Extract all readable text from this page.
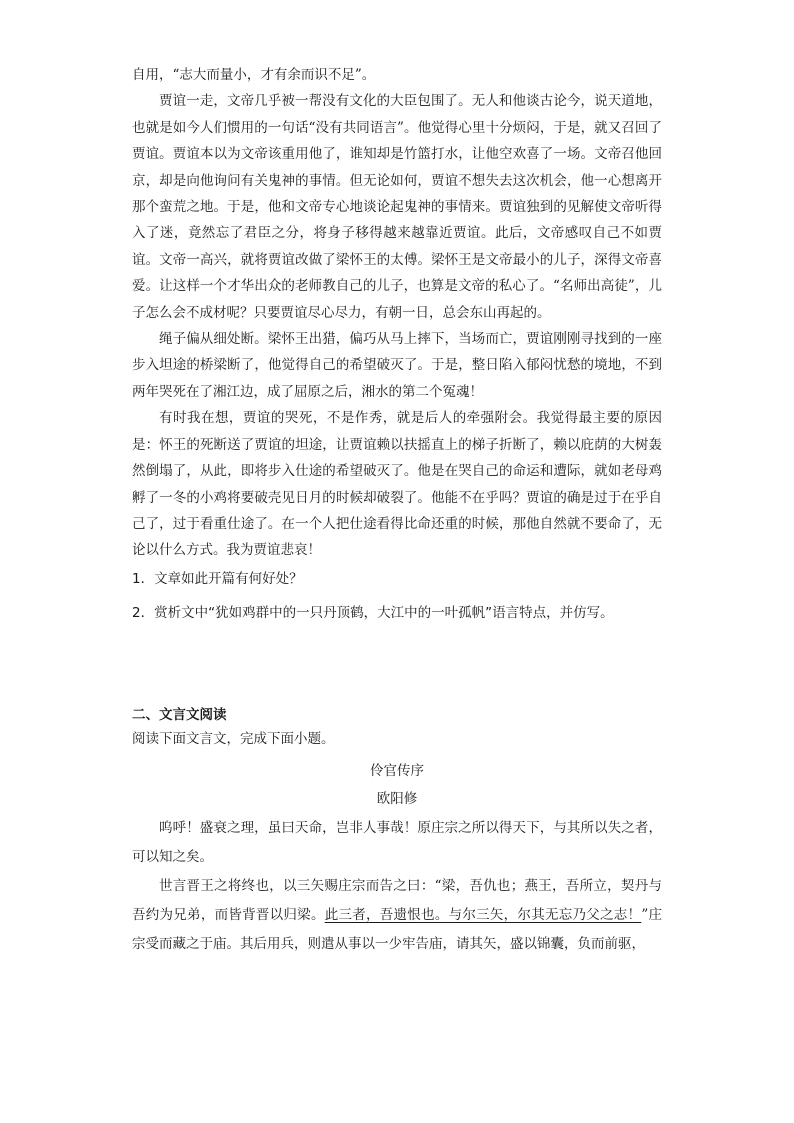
自用，“志大而量小，才有余而识不足”。

贾谊一走，文帝几乎被一帮没有文化的大臣包围了。无人和他谈古论今，说天道地，也就是如今人们惯用的一句话“没有共同语言”。他觉得心里十分烦闷，于是，就又召回了贾谊。贾谊本以为文帝该重用他了，谁知却是竹篮打水，让他空欢喜了一场。文帝召他回京，却是向他询问有关鬼神的事情。但无论如何，贾谊不想失去这次机会，他一心想离开那个蛮荒之地。于是，他和文帝专心地谈论起鬼神的事情来。贾谊独到的见解使文帝听得入了迷，竟然忘了君臣之分，将身子移得越来越靠近贾谊。此后，文帝感叹自己不如贾谊。文帝一高兴，就将贾谊改做了梁怀王的太傅。梁怀王是文帝最小的儿子，深得文帝喜爱。让这样一个才华出众的老师教自己的儿子，也算是文帝的私心了。“名师出高徒”，儿子怎么会不成材呢？只要贾谊尽心尽力，有朝一日，总会东山再起的。

绳子偏从细处断。梁怀王出猎，偏巧从马上摔下，当场而亡，贾谊刚刚寻找到的一座步入坦途的桥梁断了，他觉得自己的希望破灭了。于是，整日陷入郁闷忧愁的境地，不到两年哭死在了湘江边，成了屈原之后，湘水的第二个冤魂！

有时我在想，贾谊的哭死，不是作秀，就是后人的牵强附会。我觉得最主要的原因是：怀王的死断送了贾谊的坦途，让贾谊赖以扶摇直上的梯子折断了，赖以庇荫的大树轰然倒塌了，从此，即将步入仕途的希望破灭了。他是在哭自己的命运和遭际，就如老母鸡孵了一冬的小鸡将要破壳见日月的时候却破裂了。他能不在乎吗？贾谊的确是过于在乎自己了，过于看重仕途了。在一个人把仕途看得比命还重的时候，那他自然就不要命了，无论以什么方式。我为贾谊悲哀！

1．文章如此开篇有何好处？

2．赏析文中“犹如鸡群中的一只丹顶鹤，大江中的一叶孤帆”语言特点，并仿写。

二、文言文阅读

阅读下面文言文，完成下面小题。

伶官传序

欧阳修

呜呼！盛衰之理，虽曰天命，岂非人事哉！原庄宗之所以得天下，与其所以失之者，可以知之矣。

世言晋王之将终也，以三矢赐庄宗而告之曰：“梁，吾仇也；燕王，吾所立，契丹与吾约为兄弟，而皆背晋以归梁。此三者，吾遗恨也。与尔三矢，尔其无忘乃父之志！”庄宗受而藏之于庙。其后用兵，则遣从事以一少牢告庙，请其矢，盛以锦囊，负而前驱，
